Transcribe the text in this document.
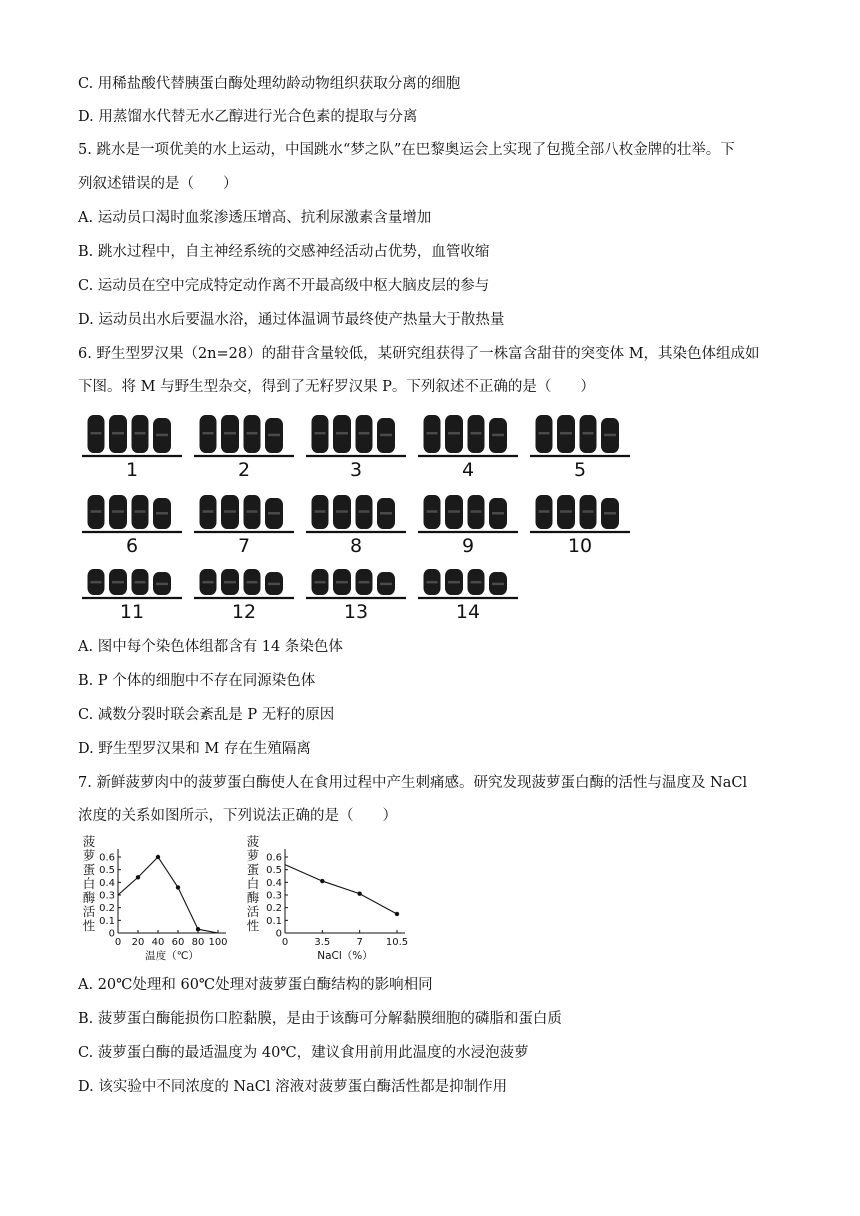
C. 用稀盐酸代替胰蛋白酶处理幼龄动物组织获取分离的细胞
D. 用蒸馏水代替无水乙醇进行光合色素的提取与分离
5. 跳水是一项优美的水上运动，中国跳水“梦之队”在巴黎奥运会上实现了包揽全部八枚金牌的壮举。下
列叙述错误的是（　　）
A. 运动员口渴时血浆渗透压增高、抗利尿激素含量增加
B. 跳水过程中，自主神经系统的交感神经活动占优势，血管收缩
C. 运动员在空中完成特定动作离不开最高级中枢大脑皮层的参与
D. 运动员出水后要温水浴，通过体温调节最终使产热量大于散热量
6. 野生型罗汉果（2n=28）的甜苷含量较低，某研究组获得了一株富含甜苷的突变体 M，其染色体组成如
下图。将 M 与野生型杂交，得到了无籽罗汉果 P。下列叙述不正确的是（　　）
1	2	3	4	5
6	7	8	9	10
11	12	13	14
A. 图中每个染色体组都含有 14 条染色体
B. P 个体的细胞中不存在同源染色体
C. 减数分裂时联会紊乱是 P 无籽的原因
D. 野生型罗汉果和 M 存在生殖隔离
7. 新鲜菠萝肉中的菠萝蛋白酶使人在食用过程中产生刺痛感。研究发现菠萝蛋白酶的活性与温度及 NaCl
浓度的关系如图所示，下列说法正确的是（　　）
菠
萝
蛋
白
酶
活
性
0
0.1
0.2
0.3
0.4
0.5
0.6
0 20 40 60 80 100
温度（℃）
菠
萝
蛋
白
酶
活
性
0
0.1
0.2
0.3
0.4
0.5
0.6
0	3.5	7 10.5
NaCl（%）
A. 20℃处理和 60℃处理对菠萝蛋白酶结构的影响相同
B. 菠萝蛋白酶能损伤口腔黏膜，是由于该酶可分解黏膜细胞的磷脂和蛋白质
C. 菠萝蛋白酶的最适温度为 40℃，建议食用前用此温度的水浸泡菠萝
D. 该实验中不同浓度的 NaCl 溶液对菠萝蛋白酶活性都是抑制作用
